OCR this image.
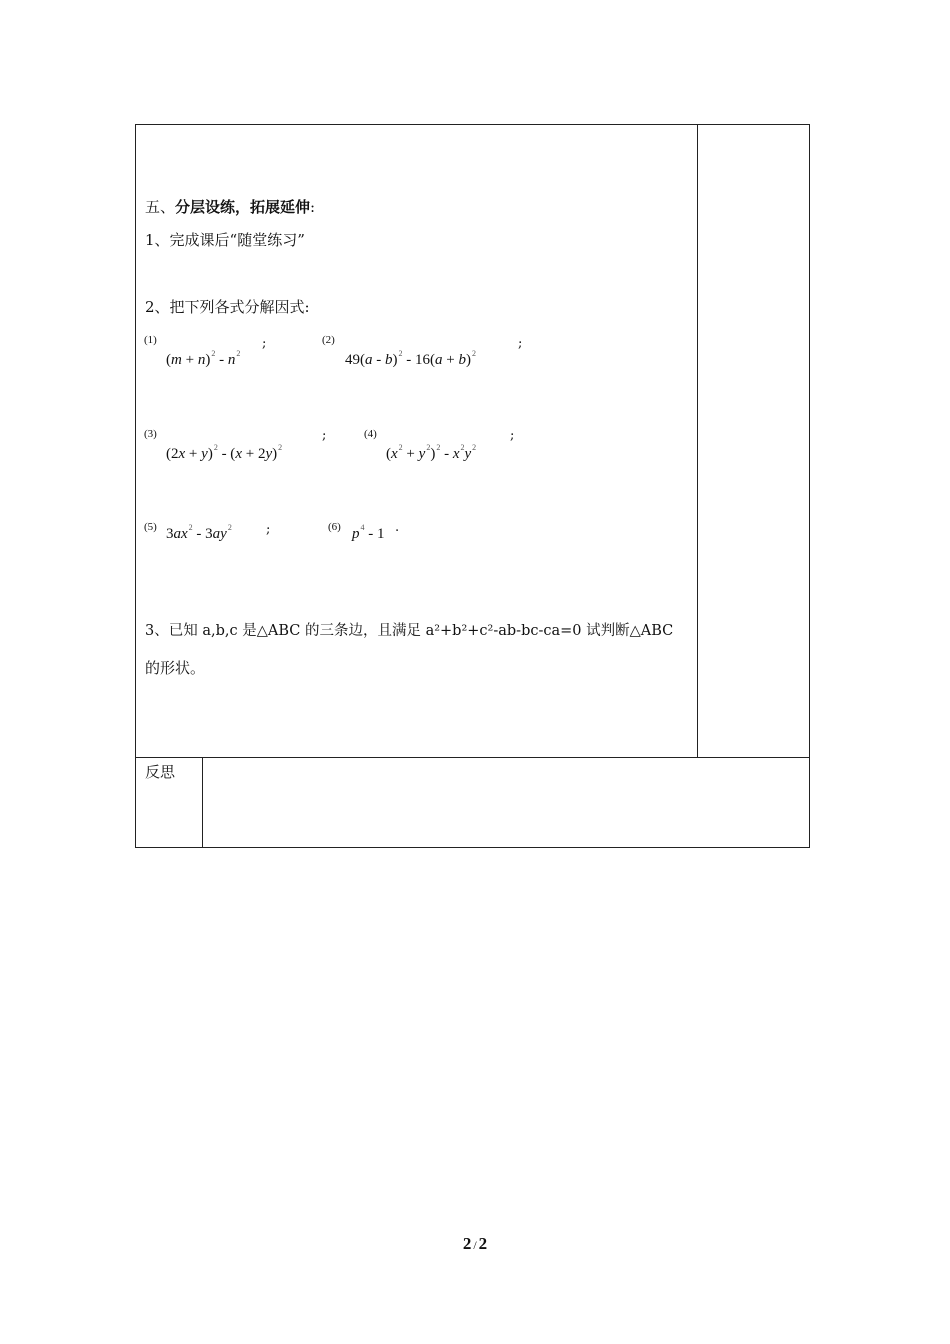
五、分层设练，拓展延伸:
1、完成课后“随堂练习”
2、把下列各式分解因式:
(1)
$(m + n)^2 - n^2$
;	(2)
$49(a - b)^2 - 16(a + b)^2$
;
(3)
$(2x + y)^2 - (x + 2y)^2$
;	(4)
$(x^2 + y^2)^2 - x^2y^2$
;
(5) $3ax^2 - 3ay^2$	;	(6) $p^4 - 1$ .
3、已知 a,b,c 是△ABC 的三条边，且满足 a²+b²+c²-ab-bc-ca=0 试判断△ABC
的形状。
反思
2 / 2
